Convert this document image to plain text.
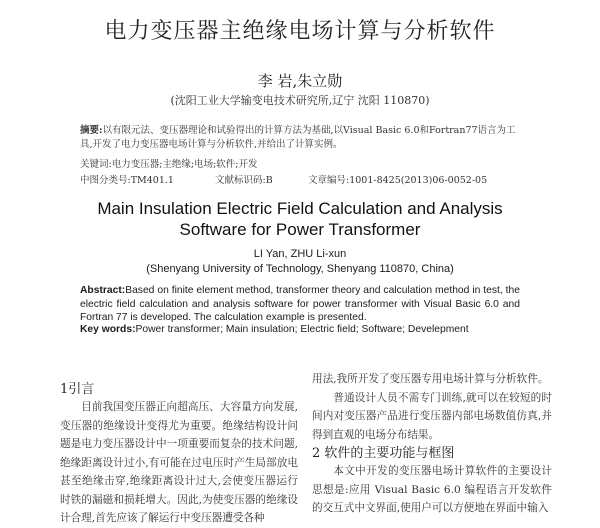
电力变压器主绝缘电场计算与分析软件
李 岩,朱立勋
(沈阳工业大学输变电技术研究所,辽宁 沈阳 110870)
摘要:以有限元法、变压器理论和试验得出的计算方法为基础,以Visual Basic 6.0和Fortran77语言为工具,开发了电力变压器电场计算与分析软件,并给出了计算实例。
关键词:电力变压器;主绝缘;电场;软件;开发
中图分类号:TM401.1	文献标识码:B	文章编号:1001-8425(2013)06-0052-05
Main Insulation Electric Field Calculation and Analysis
Software for Power Transformer
LI Yan, ZHU Li-xun
(Shenyang University of Technology, Shenyang 110870, China)
Abstract:Based on finite element method, transformer theory and calculation method in test, the electric field calculation and analysis software for power transformer with Visual Basic 6.0 and Fortran 77 is developed. The calculation example is presented.
Key words:Power transformer; Main insulation; Electric field; Software; Develepment
1引言

目前我国变压器正向超高压、大容量方向发展,变压器的绝缘设计变得尤为重要。绝缘结构设计问题是电力变压器设计中一项重要而复杂的技术问题,绝缘距离设计过小,有可能在过电压时产生局部放电甚至绝缘击穿,绝缘距离设计过大,会使变压器运行时铁的漏磁和损耗增大。因此,为使变压器的绝缘设计合理,首先应该了解运行中变压器遭受各种

用法,我所开发了变压器专用电场计算与分析软件。

普通设计人员不需专门训练,就可以在较短的时间内对变压器产品进行变压器内部电场数值仿真,并得到直观的电场分布结果。

2 软件的主要功能与框图

本文中开发的变压器电场计算软件的主要设计思想是:应用 Visual Basic 6.0 编程语言开发软件的交互式中文界面,使用户可以方便地在界面中输入
